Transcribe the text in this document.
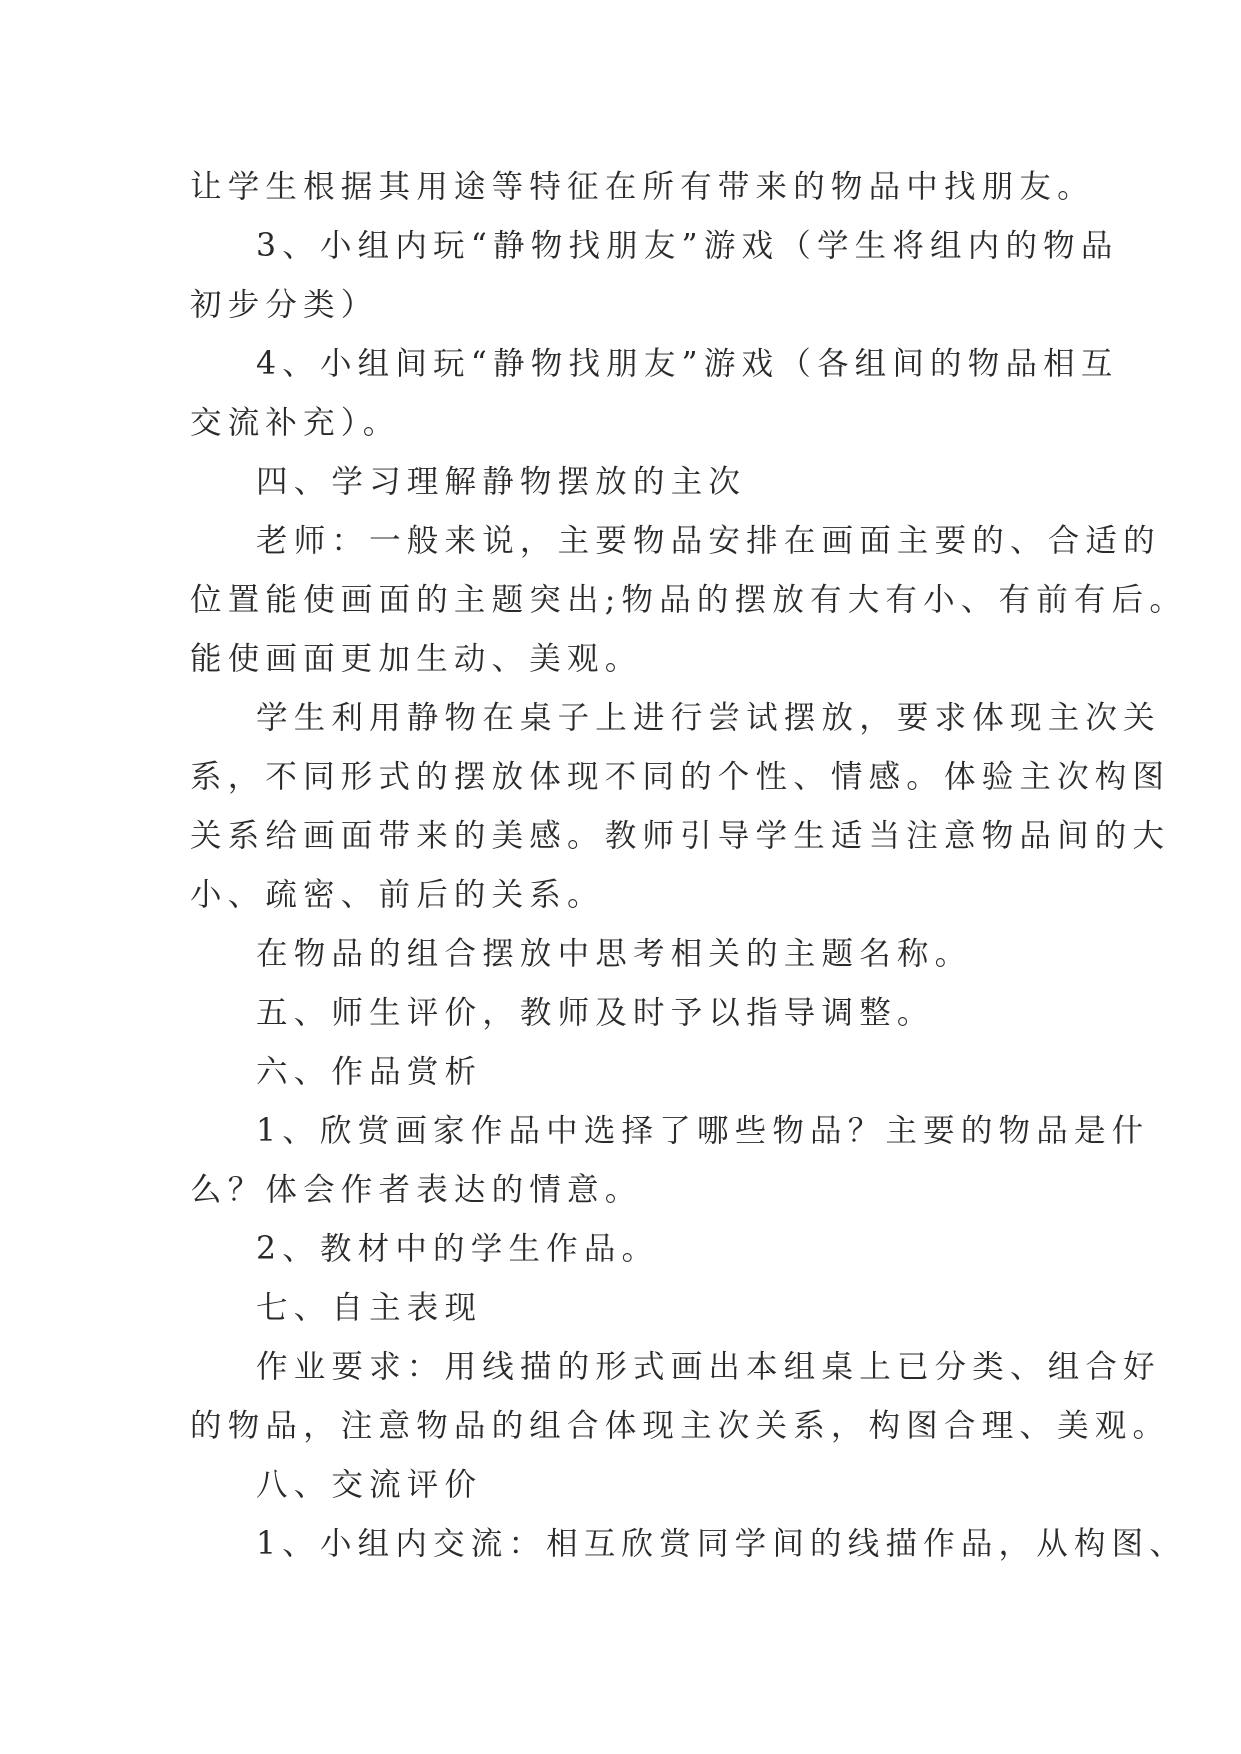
让学生根据其用途等特征在所有带来的物品中找朋友。
3、小组内玩“静物找朋友”游戏（学生将组内的物品
初步分类）
4、小组间玩“静物找朋友”游戏（各组间的物品相互
交流补充）。
四、学习理解静物摆放的主次
老师：一般来说，主要物品安排在画面主要的、合适的
位置能使画面的主题突出;物品的摆放有大有小、有前有后。
能使画面更加生动、美观。
学生利用静物在桌子上进行尝试摆放，要求体现主次关
系，不同形式的摆放体现不同的个性、情感。体验主次构图
关系给画面带来的美感。教师引导学生适当注意物品间的大
小、疏密、前后的关系。
在物品的组合摆放中思考相关的主题名称。
五、师生评价，教师及时予以指导调整。
六、作品赏析
1、欣赏画家作品中选择了哪些物品？主要的物品是什
么？体会作者表达的情意。
2、教材中的学生作品。
七、自主表现
作业要求：用线描的形式画出本组桌上已分类、组合好
的物品，注意物品的组合体现主次关系，构图合理、美观。
八、交流评价
1、小组内交流：相互欣赏同学间的线描作品，从构图、
